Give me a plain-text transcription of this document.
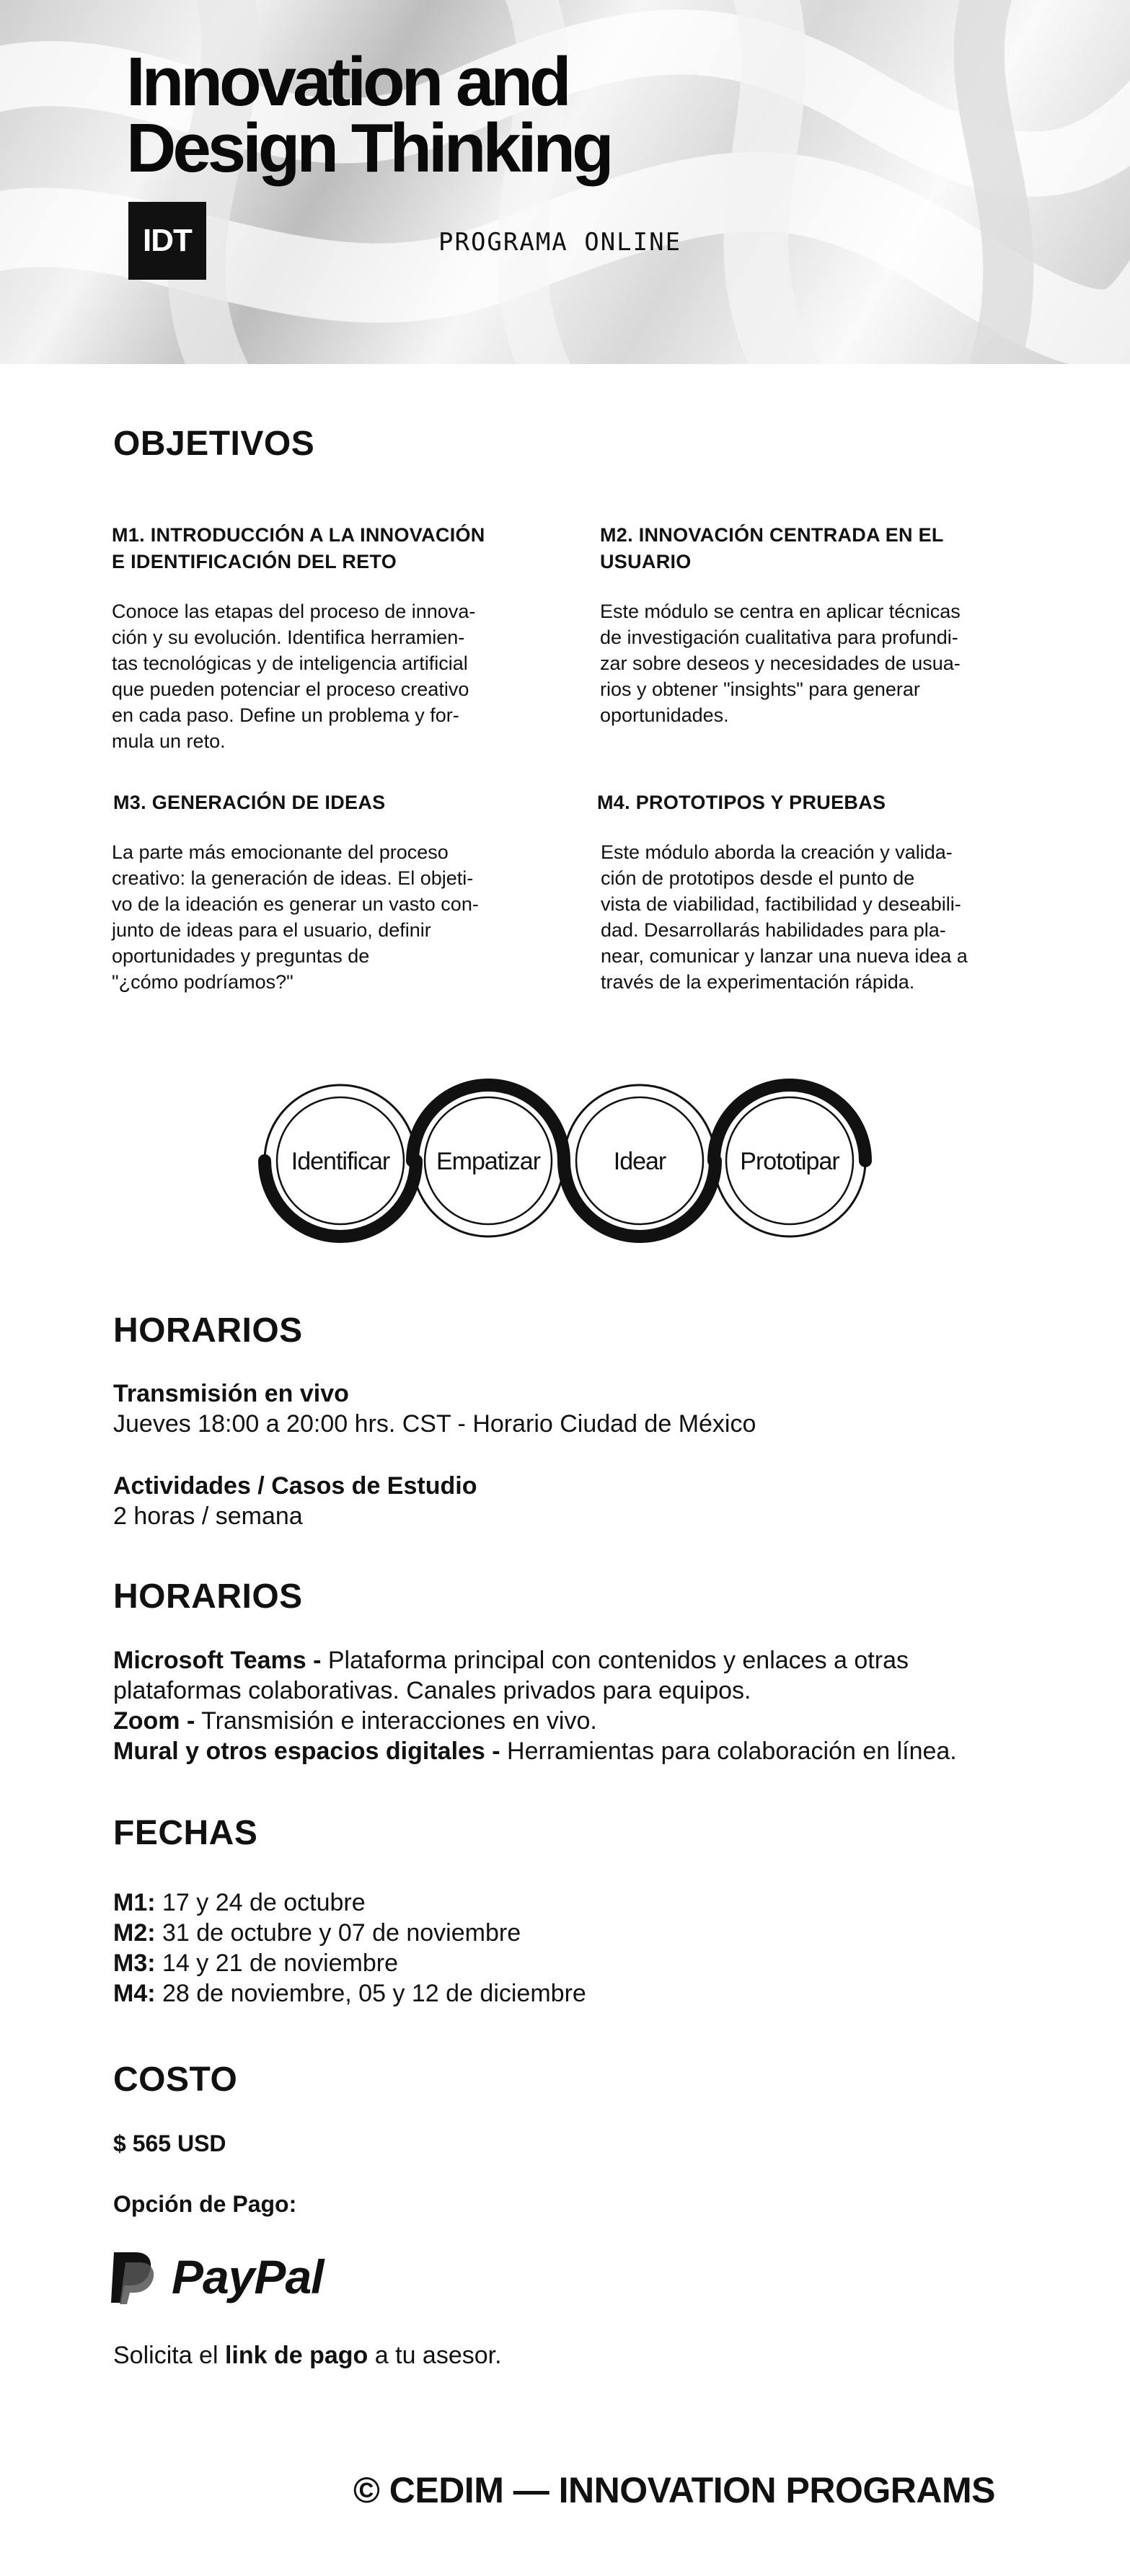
Innovation and
Design Thinking
IDT	PROGRAMA ONLINE
OBJETIVOS

M1. INTRODUCCIÓN A LA INNOVACIÓN
E IDENTIFICACIÓN DEL RETO

Conoce las etapas del proceso de innova-
ción y su evolución. Identifica herramien-
tas tecnológicas y de inteligencia artificial
que pueden potenciar el proceso creativo
en cada paso. Define un problema y for-
mula un reto.

M2. INNOVACIÓN CENTRADA EN EL
USUARIO

Este módulo se centra en aplicar técnicas
de investigación cualitativa para profundi-
zar sobre deseos y necesidades de usua-
rios y obtener "insights" para generar
oportunidades.

M3. GENERACIÓN DE IDEAS

La parte más emocionante del proceso
creativo: la generación de ideas. El objeti-
vo de la ideación es generar un vasto con-
junto de ideas para el usuario, definir
oportunidades y preguntas de
"¿cómo podríamos?"

M4. PROTOTIPOS Y PRUEBAS

Este módulo aborda la creación y valida-
ción de prototipos desde el punto de
vista de viabilidad, factibilidad y deseabili-
dad. Desarrollarás habilidades para pla-
near, comunicar y lanzar una nueva idea a
través de la experimentación rápida.

Identificar Empatizar	Idear	Prototipar
HORARIOS

Transmisión en vivo

Jueves 18:00 a 20:00 hrs. CST - Horario Ciudad de México

Actividades / Casos de Estudio

2 horas / semana

HORARIOS

Microsoft Teams - Plataforma principal con contenidos y enlaces a otras
plataformas colaborativas. Canales privados para equipos.

Zoom - Transmisión e interacciones en vivo.

Mural y otros espacios digitales - Herramientas para colaboración en línea.

FECHAS

M1: 17 y 24 de octubre

M2: 31 de octubre y 07 de noviembre

M3: 14 y 21 de noviembre

M4: 28 de noviembre, 05 y 12 de diciembre

COSTO

$ 565 USD

Opción de Pago:

PayPal

Solicita el link de pago a tu asesor.

© CEDIM — INNOVATION PROGRAMS
